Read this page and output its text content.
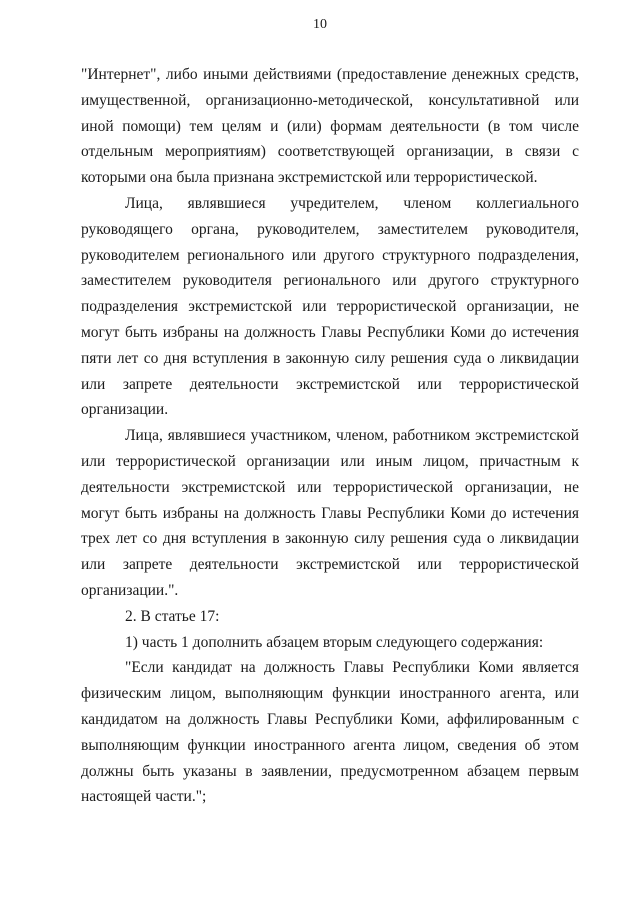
10

"Интернет", либо иными действиями (предоставление денежных средств,

имущественной, организационно-методической, консультативной или

иной помощи) тем целям и (или) формам деятельности (в том числе

отдельным мероприятиям) соответствующей организации, в связи с

которыми она была признана экстремистской или террористической.

Лица, являвшиеся учредителем, членом коллегиального

руководящего органа, руководителем, заместителем руководителя,

руководителем регионального или другого структурного подразделения,

заместителем руководителя регионального или другого структурного

подразделения экстремистской или террористической организации, не

могут быть избраны на должность Главы Республики Коми до истечения

пяти лет со дня вступления в законную силу решения суда о ликвидации

или запрете деятельности экстремистской или террористической

организации.

Лица, являвшиеся участником, членом, работником экстремистской

или террористической организации или иным лицом, причастным к

деятельности экстремистской или террористической организации, не

могут быть избраны на должность Главы Республики Коми до истечения

трех лет со дня вступления в законную силу решения суда о ликвидации

или запрете деятельности экстремистской или террористической

организации.".

2. В статье 17:

1) часть 1 дополнить абзацем вторым следующего содержания:

"Если кандидат на должность Главы Республики Коми является

физическим лицом, выполняющим функции иностранного агента, или

кандидатом на должность Главы Республики Коми, аффилированным с

выполняющим функции иностранного агента лицом, сведения об этом

должны быть указаны в заявлении, предусмотренном абзацем первым

настоящей части.";
